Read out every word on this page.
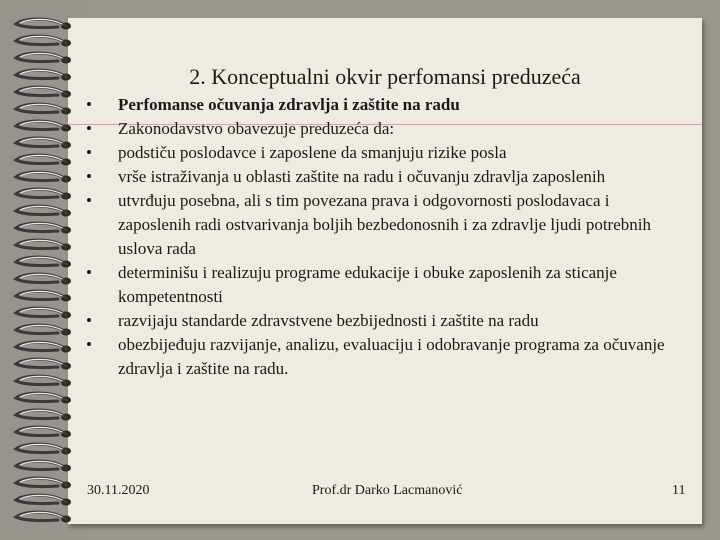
2. Konceptualni okvir perfomansi preduzeća
•	Perfomanse očuvanja zdravlja i zaštite na radu
•	Zakonodavstvo obavezuje preduzeća da:
•	podstiču poslodavce i zaposlene da smanjuju rizike posla
•	vrše istraživanja u oblasti zaštite na radu i očuvanju zdravlja zaposlenih
•	utvrđuju posebna, ali s tim povezana prava i odgovornosti poslodavaca i zaposlenih radi ostvarivanja boljih bezbedonosnih i za zdravlje ljudi potrebnih uslova rada
•	determinišu i realizuju programe edukacije i obuke zaposlenih za sticanje kompetentnosti
•	razvijaju standarde zdravstvene bezbijednosti i zaštite na radu
•	obezbijeđuju razvijanje, analizu, evaluaciju i odobravanje programa za očuvanje zdravlja i zaštite na radu.
30.11.2020	Prof.dr Darko Lacmanović	11
